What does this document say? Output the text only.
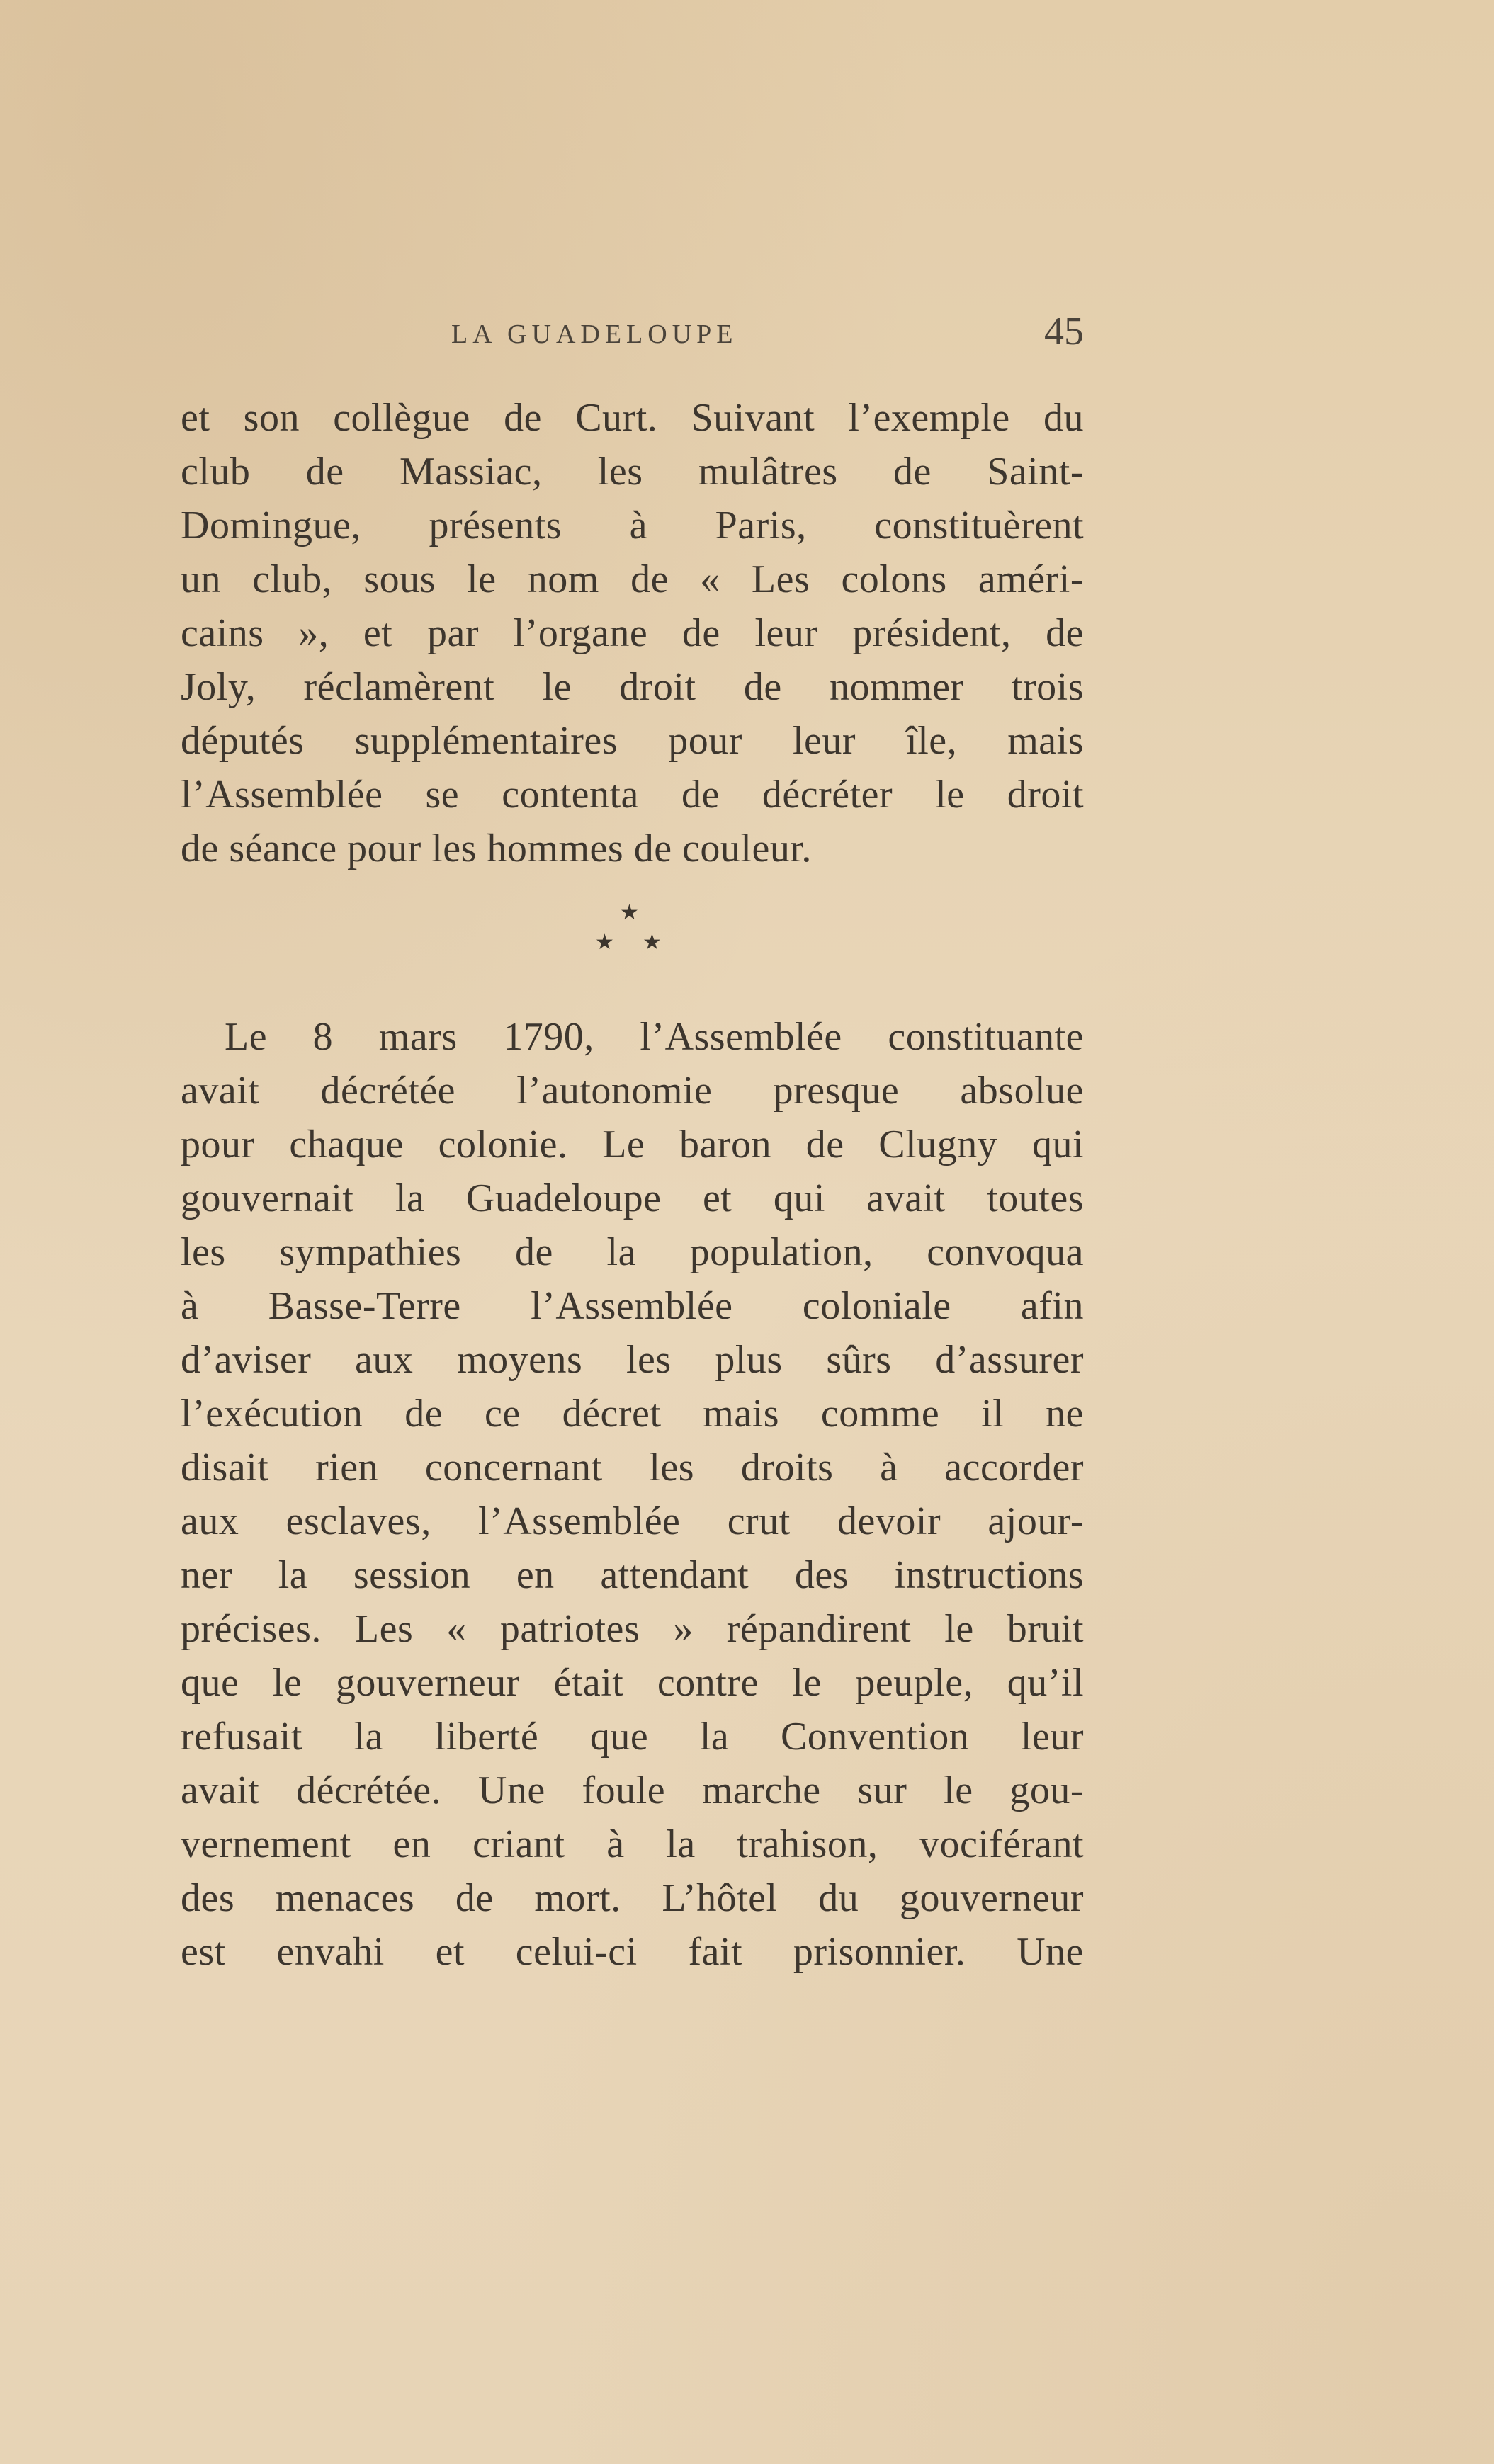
LA GUADELOUPE	45
et son collègue de Curt. Suivant l’exemple du
club de Massiac, les mulâtres de Saint-
Domingue, présents à Paris, constituèrent
un club, sous le nom de « Les colons améri-
cains », et par l’organe de leur président, de
Joly, réclamèrent le droit de nommer trois
députés supplémentaires pour leur île, mais
l’Assemblée se contenta de décréter le droit
de séance pour les hommes de couleur.
★
★ ★
Le 8 mars 1790, l’Assemblée constituante
avait décrétée l’autonomie presque absolue
pour chaque colonie. Le baron de Clugny qui
gouvernait la Guadeloupe et qui avait toutes
les sympathies de la population, convoqua
à Basse-Terre l’Assemblée coloniale afin
d’aviser aux moyens les plus sûrs d’assurer
l’exécution de ce décret mais comme il ne
disait rien concernant les droits à accorder
aux esclaves, l’Assemblée crut devoir ajour-
ner la session en attendant des instructions
précises. Les « patriotes » répandirent le bruit
que le gouverneur était contre le peuple, qu’il
refusait la liberté que la Convention leur
avait décrétée. Une foule marche sur le gou-
vernement en criant à la trahison, vociférant
des menaces de mort. L’hôtel du gouverneur
est envahi et celui-ci fait prisonnier. Une
